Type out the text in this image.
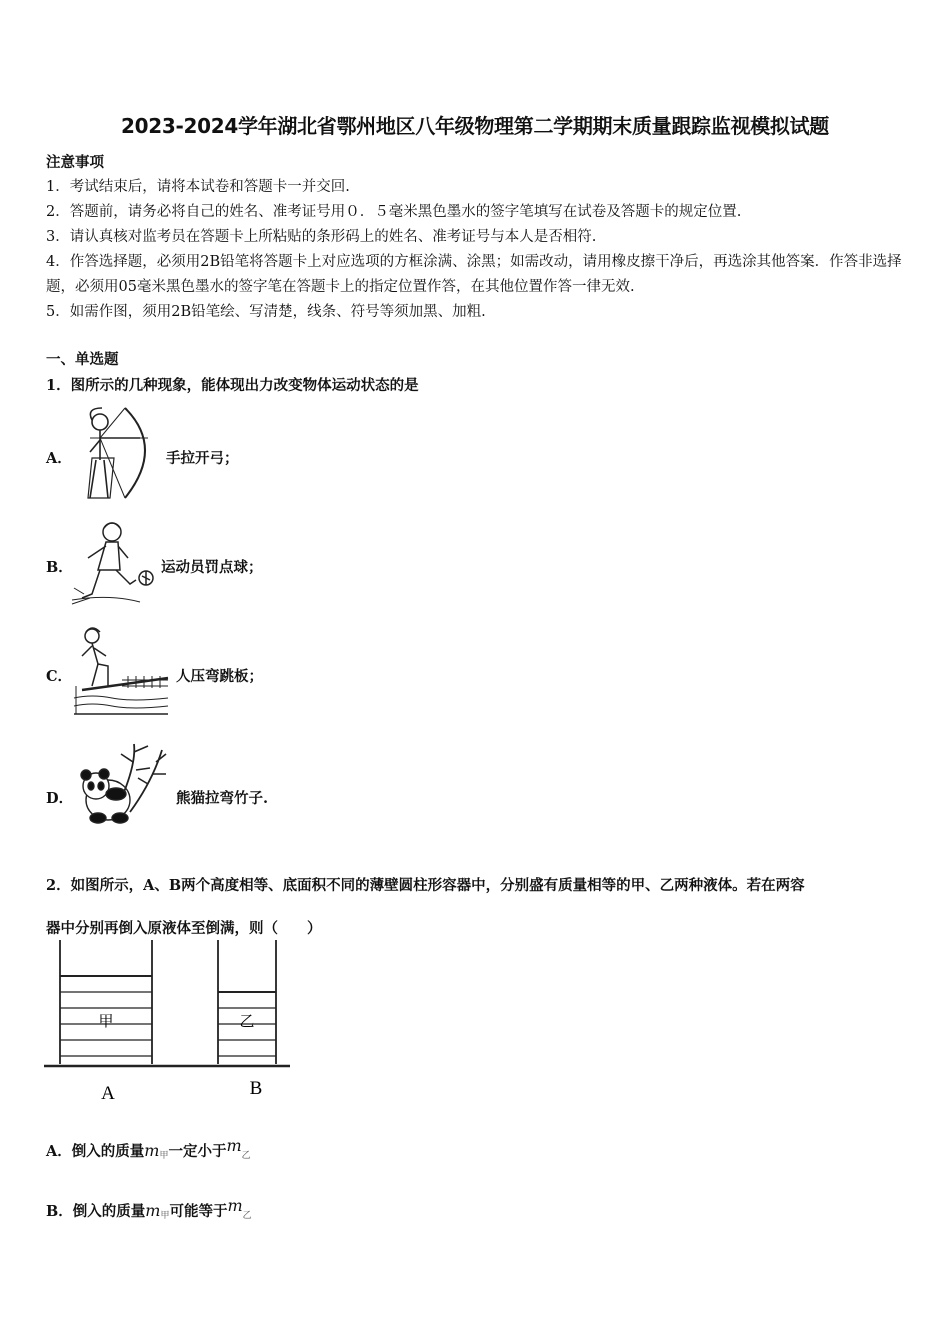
2023-2024学年湖北省鄂州地区八年级物理第二学期期末质量跟踪监视模拟试题

注意事项

1．考试结束后，请将本试卷和答题卡一并交回.

2．答题前，请务必将自己的姓名、准考证号用０．５毫米黑色墨水的签字笔填写在试卷及答题卡的规定位置.

3．请认真核对监考员在答题卡上所粘贴的条形码上的姓名、准考证号与本人是否相符.

4．作答选择题，必须用2B铅笔将答题卡上对应选项的方框涂满、涂黑；如需改动，请用橡皮擦干净后，再选涂其他答案．作答非选择题，必须用05毫米黑色墨水的签字笔在答题卡上的指定位置作答，在其他位置作答一律无效.

5．如需作图，须用2B铅笔绘、写清楚，线条、符号等须加黑、加粗.

一、单选题
1．图所示的几种现象，能体现出力改变物体运动状态的是
A．	手拉开弓；
B．	运动员罚点球；
C．	人压弯跳板；
D．	熊猫拉弯竹子.

2．如图所示，A、B两个高度相等、底面积不同的薄壁圆柱形容器中，分别盛有质量相等的甲、乙两种液体。若在两容

器中分别再倒入原液体至倒满，则（　　）

甲	乙
A	B
A．倒入的质量$m_甲$一定小于$m_乙$
B．倒入的质量$m_甲$可能等于$m_乙$
